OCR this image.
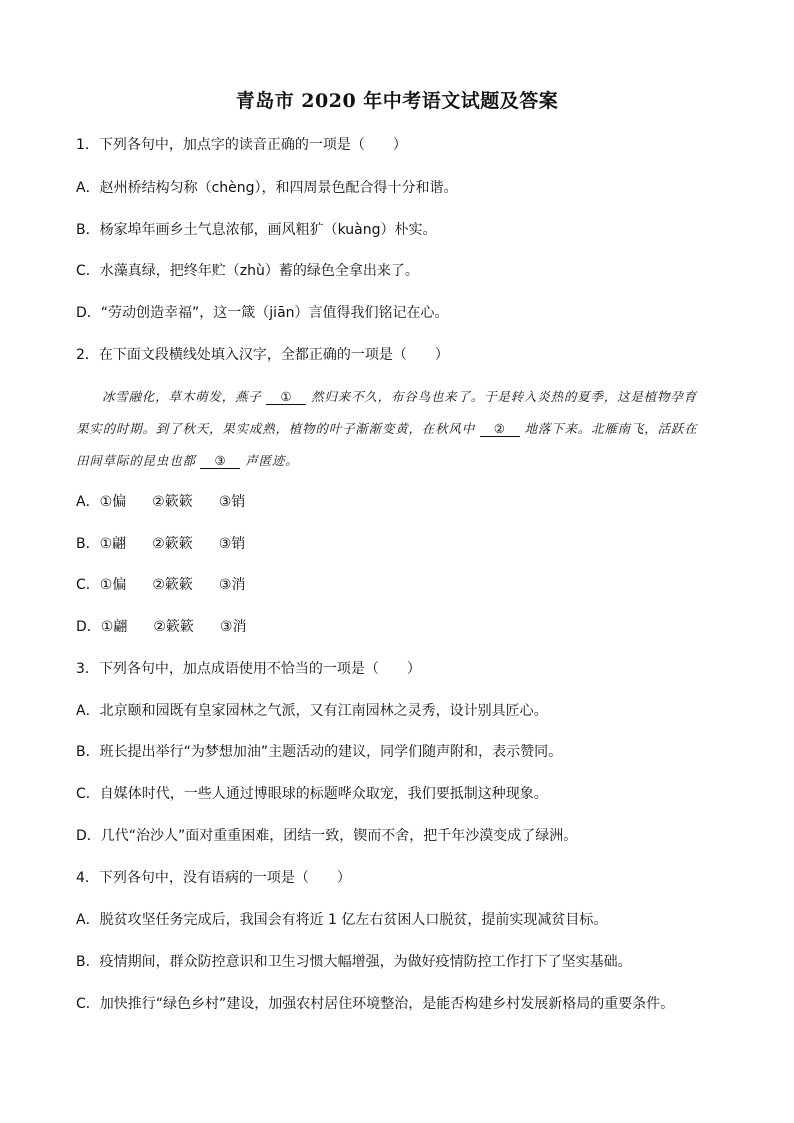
青岛市 2020 年中考语文试题及答案
1．下列各句中，加点字的读音正确的一项是（　　）
A．赵州桥结构匀称（chèng），和四周景色配合得十分和谐。
B．杨家埠年画乡土气息浓郁，画风粗犷（kuàng）朴实。
C．水藻真绿，把终年贮（zhù）蓄的绿色全拿出来了。
D．“劳动创造幸福”，这一箴（jiān）言值得我们铭记在心。
2．在下面文段横线处填入汉字，全都正确的一项是（　　）
冰雪融化，草木萌发，燕子 ① 然归来不久，布谷鸟也来了。于是转入炎热的夏季，这是植物孕育
果实的时期。到了秋天，果实成熟，植物的叶子渐渐变黄，在秋风中 ② 地落下来。北雁南飞，活跃在
田间草际的昆虫也都 ③ 声匿迹。
A．①偏 ②簌簌 ③销
B．①翩 ②簌簌 ③销
C．①偏 ②簌簌 ③消
D．①翩 ②簌簌 ③消
3．下列各句中，加点成语使用不恰当的一项是（　　）
A．北京颐和园既有皇家园林之气派，又有江南园林之灵秀，设计别具匠心。
B．班长提出举行“为梦想加油”主题活动的建议，同学们随声附和，表示赞同。
C．自媒体时代，一些人通过博眼球的标题哗众取宠，我们要抵制这种现象。
D．几代“治沙人”面对重重困难，团结一致，锲而不舍，把千年沙漠变成了绿洲。
4．下列各句中，没有语病的一项是（　　）
A．脱贫攻坚任务完成后，我国会有将近 1 亿左右贫困人口脱贫，提前实现减贫目标。
B．疫情期间，群众防控意识和卫生习惯大幅增强，为做好疫情防控工作打下了坚实基础。
C．加快推行“绿色乡村”建设，加强农村居住环境整治，是能否构建乡村发展新格局的重要条件。
